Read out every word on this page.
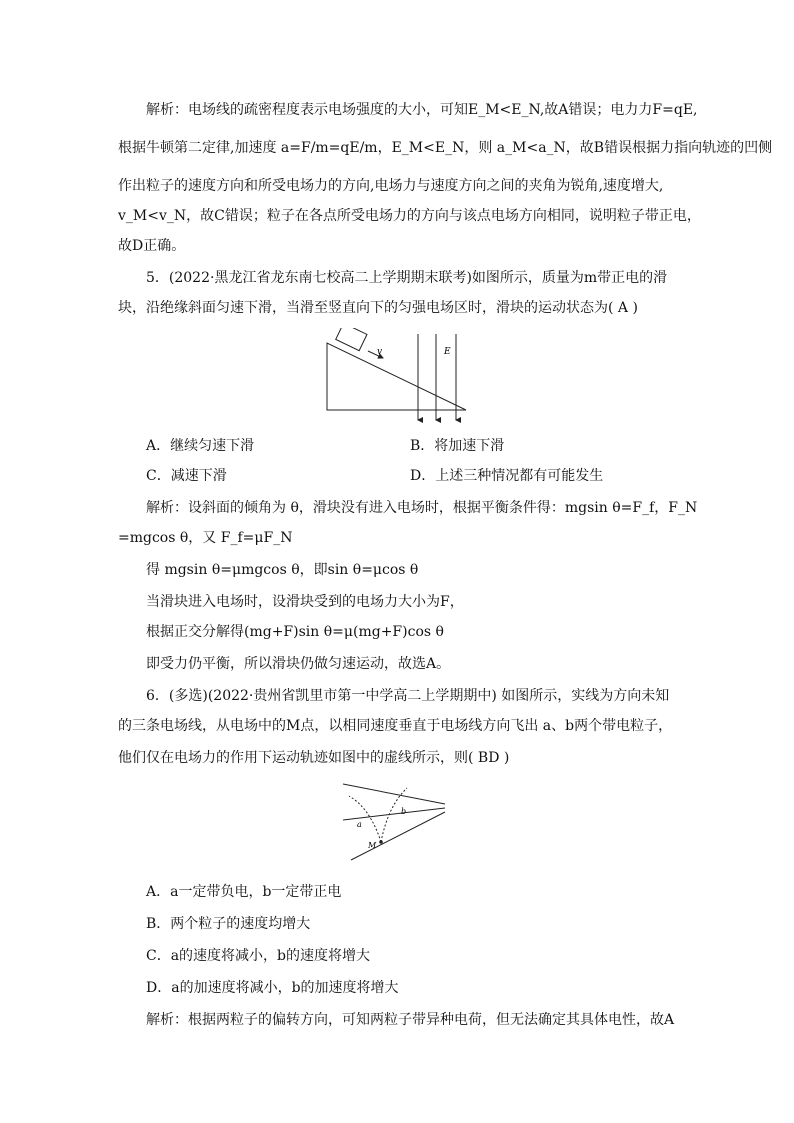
解析：电场线的疏密程度表示电场强度的大小，可知E_M<E_N,故A错误；电力力F=qE,
根据牛顿第二定律,加速度 a=F/m=qE/m，E_M<E_N，则 a_M<a_N，故B错误根据力指向轨迹的凹侧
作出粒子的速度方向和所受电场力的方向,电场力与速度方向之间的夹角为锐角,速度增大,
v_M<v_N，故C错误；粒子在各点所受电场力的方向与该点电场方向相同，说明粒子带正电，
故D正确。
5．(2022·黑龙江省龙东南七校高二上学期期末联考)如图所示，质量为m带正电的滑
块，沿绝缘斜面匀速下滑，当滑至竖直向下的匀强电场区时，滑块的运动状态为( A )
v	E
A．继续匀速下滑	B．将加速下滑
C．减速下滑	D．上述三种情况都有可能发生
解析：设斜面的倾角为 θ，滑块没有进入电场时，根据平衡条件得：mgsin θ=F_f，F_N
=mgcos θ，又 F_f=μF_N
得 mgsin θ=μmgcos θ，即sin θ=μcos θ
当滑块进入电场时，设滑块受到的电场力大小为F，
根据正交分解得(mg+F)sin θ=μ(mg+F)cos θ
即受力仍平衡，所以滑块仍做匀速运动，故选A。
6．(多选)(2022·贵州省凯里市第一中学高二上学期期中) 如图所示，实线为方向未知
的三条电场线，从电场中的M点，以相同速度垂直于电场线方向飞出 a、b两个带电粒子，
他们仅在电场力的作用下运动轨迹如图中的虚线所示，则( BD )
a
b
M
A．a一定带负电，b一定带正电
B．两个粒子的速度均增大
C．a的速度将减小，b的速度将增大
D．a的加速度将减小，b的加速度将增大
解析：根据两粒子的偏转方向，可知两粒子带异种电荷，但无法确定其具体电性，故A
